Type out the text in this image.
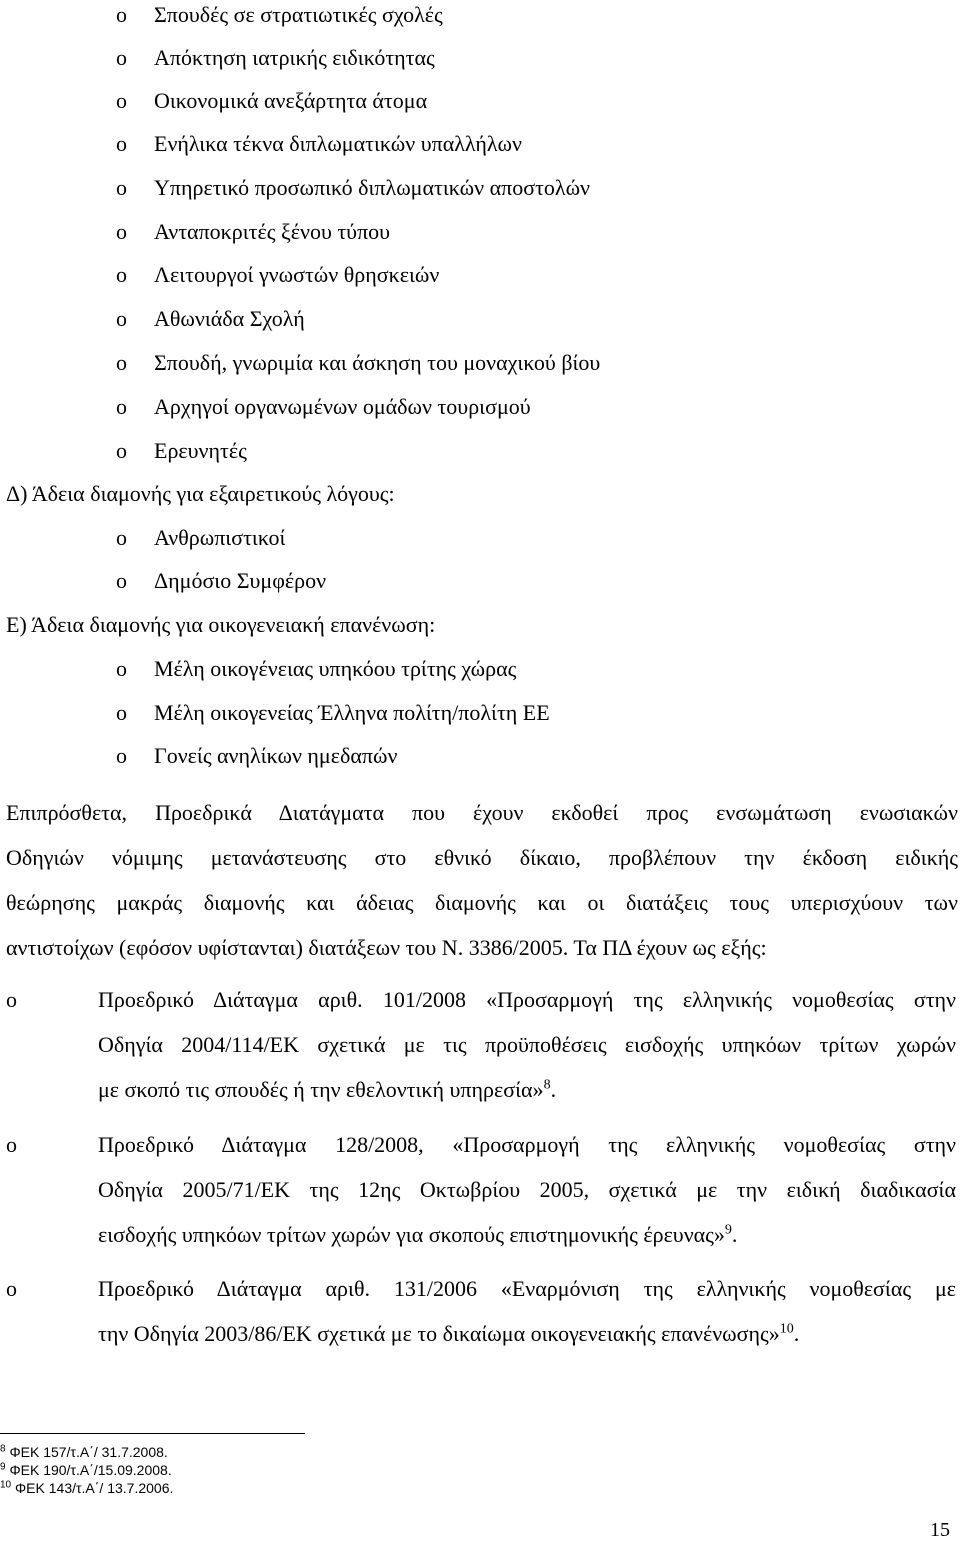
o Σπουδές σε στρατιωτικές σχολές
o Απόκτηση ιατρικής ειδικότητας
o Οικονομικά ανεξάρτητα άτομα
o Ενήλικα τέκνα διπλωματικών υπαλλήλων
o Υπηρετικό προσωπικό διπλωματικών αποστολών
o Ανταποκριτές ξένου τύπου
o Λειτουργοί γνωστών θρησκειών
o Αθωνιάδα Σχολή
o Σπουδή, γνωριμία και άσκηση του μοναχικού βίου
o Αρχηγοί οργανωμένων ομάδων τουρισμού
o Ερευνητές
Δ) Άδεια διαμονής για εξαιρετικούς λόγους:
o Ανθρωπιστικοί
o Δημόσιο Συμφέρον
Ε) Άδεια διαμονής για οικογενειακή επανένωση:
o Μέλη οικογένειας υπηκόου τρίτης χώρας
o Μέλη οικογενείας Έλληνα πολίτη/πολίτη ΕΕ
o Γονείς ανηλίκων ημεδαπών
Επιπρόσθετα, Προεδρικά Διατάγματα που έχουν εκδοθεί προς ενσωμάτωση ενωσιακών
Οδηγιών νόμιμης μετανάστευσης στο εθνικό δίκαιο, προβλέπουν την έκδοση ειδικής
θεώρησης μακράς διαμονής και άδειας διαμονής και οι διατάξεις τους υπερισχύουν των
αντιστοίχων (εφόσον υφίστανται) διατάξεων του Ν. 3386/2005. Τα ΠΔ έχουν ως εξής:
o	Προεδρικό Διάταγμα αριθ. 101/2008 «Προσαρμογή της ελληνικής νομοθεσίας στην
Οδηγία 2004/114/ΕΚ σχετικά με τις προϋποθέσεις εισδοχής υπηκόων τρίτων χωρών
με σκοπό τις σπουδές ή την εθελοντική υπηρεσία»$^8$.
o	Προεδρικό Διάταγμα 128/2008, «Προσαρμογή της ελληνικής νομοθεσίας στην
Οδηγία 2005/71/ΕΚ της 12ης Οκτωβρίου 2005, σχετικά με την ειδική διαδικασία
εισδοχής υπηκόων τρίτων χωρών για σκοπούς επιστημονικής έρευνας»$^9$.
o	Προεδρικό Διάταγμα αριθ. 131/2006 «Εναρμόνιση της ελληνικής νομοθεσίας με
την Οδηγία 2003/86/ΕΚ σχετικά με το δικαίωμα οικογενειακής επανένωσης»$^{10}$.
$^8$ ΦΕΚ 157/τ.Α΄/ 31.7.2008.
$^9$ ΦΕΚ 190/τ.Α΄/15.09.2008.
$^{10}$ ΦΕΚ 143/τ.Α΄/ 13.7.2006.
15
